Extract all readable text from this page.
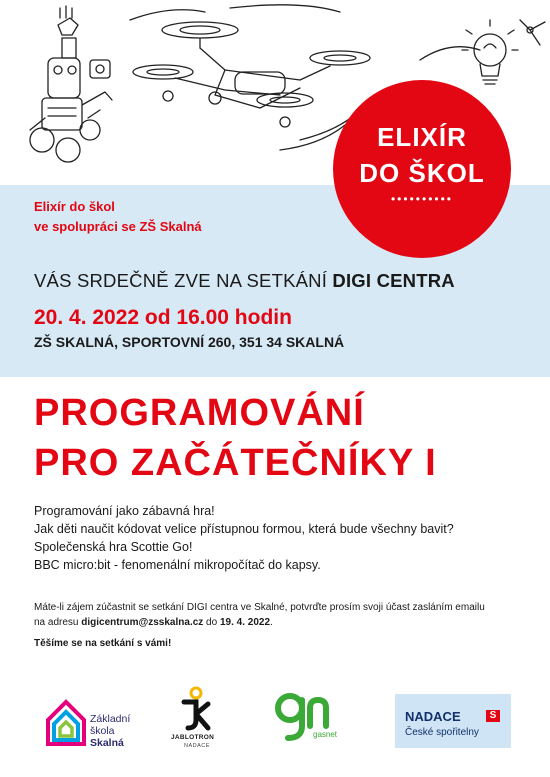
ELIXÍR
DO ŠKOL
••••••••••
Elixír do škol
ve spolupráci se ZŠ Skalná
VÁS SRDEČNĚ ZVE NA SETKÁNÍ DIGI CENTRA
20. 4. 2022 od 16.00 hodin
ZŠ SKALNÁ, SPORTOVNÍ 260, 351 34 SKALNÁ
PROGRAMOVÁNÍ
PRO ZAČÁTEČNÍKY I
Programování jako zábavná hra!
Jak děti naučit kódovat velice přístupnou formou, která bude všechny bavit?
Společenská hra Scottie Go!
BBC micro:bit - fenomenální mikropočítač do kapsy.
Máte-li zájem zúčastnit se setkání DIGI centra ve Skalné, potvrďte prosím svoji účast zasláním emailu
na adresu digicentrum@zsskalna.cz do 19. 4. 2022.
Těšíme se na setkání s vámi!
Základní
škola
Skalná	JABLOTRON
NADACE
gasnet
NADACE	S
České spořitelny
